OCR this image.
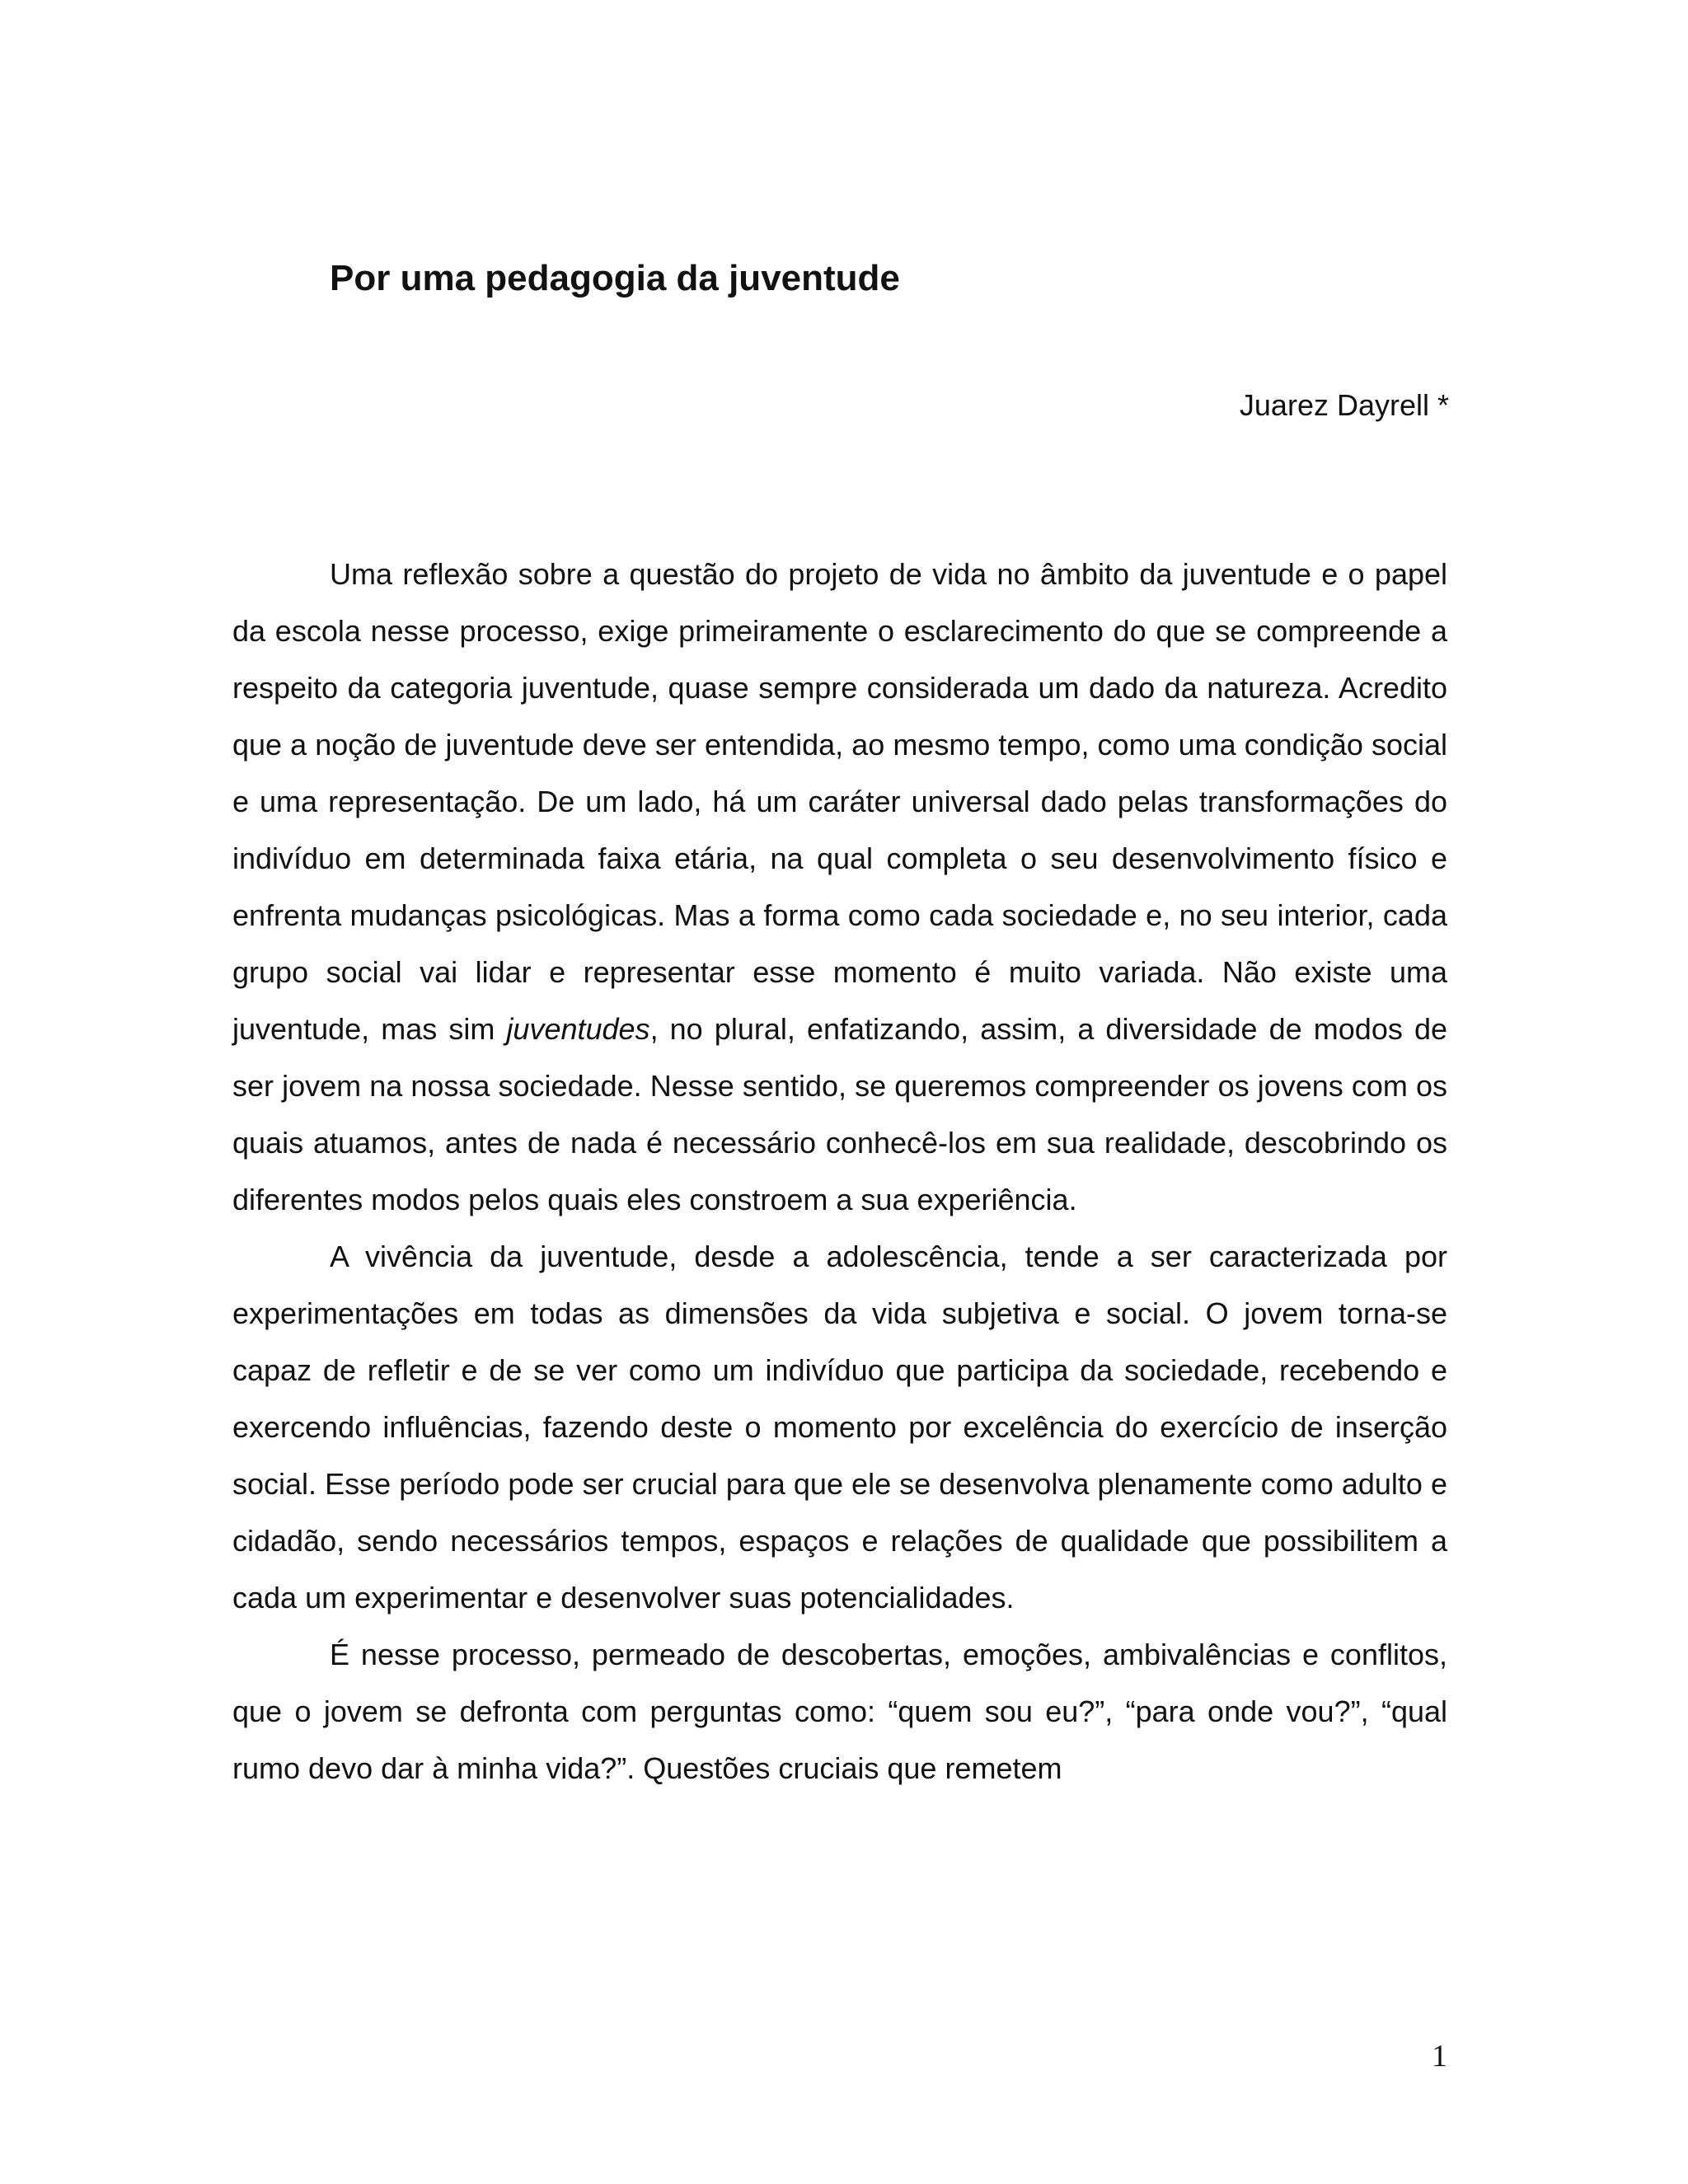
Por uma pedagogia da juventude
Juarez Dayrell *

Uma reflexão sobre a questão do projeto de vida no âmbito da juventude e o papel da escola nesse processo, exige primeiramente o esclarecimento do que se compreende a respeito da categoria juventude, quase sempre considerada um dado da natureza. Acredito que a noção de juventude deve ser entendida, ao mesmo tempo, como uma condição social e uma representação. De um lado, há um caráter universal dado pelas transformações do indivíduo em determinada faixa etária, na qual completa o seu desenvolvimento físico e enfrenta mudanças psicológicas. Mas a forma como cada sociedade e, no seu interior, cada grupo social vai lidar e representar esse momento é muito variada. Não existe uma juventude, mas sim juventudes, no plural, enfatizando, assim, a diversidade de modos de ser jovem na nossa sociedade. Nesse sentido, se queremos compreender os jovens com os quais atuamos, antes de nada é necessário conhecê-los em sua realidade, descobrindo os diferentes modos pelos quais eles constroem a sua experiência.

A vivência da juventude, desde a adolescência, tende a ser caracterizada por experimentações em todas as dimensões da vida subjetiva e social. O jovem torna-se capaz de refletir e de se ver como um indivíduo que participa da sociedade, recebendo e exercendo influências, fazendo deste o momento por excelência do exercício de inserção social. Esse período pode ser crucial para que ele se desenvolva plenamente como adulto e cidadão, sendo necessários tempos, espaços e relações de qualidade que possibilitem a cada um experimentar e desenvolver suas potencialidades.

É nesse processo, permeado de descobertas, emoções, ambivalências e conflitos, que o jovem se defronta com perguntas como: “quem sou eu?”, “para onde vou?”, “qual rumo devo dar à minha vida?”. Questões cruciais que remetem

1
